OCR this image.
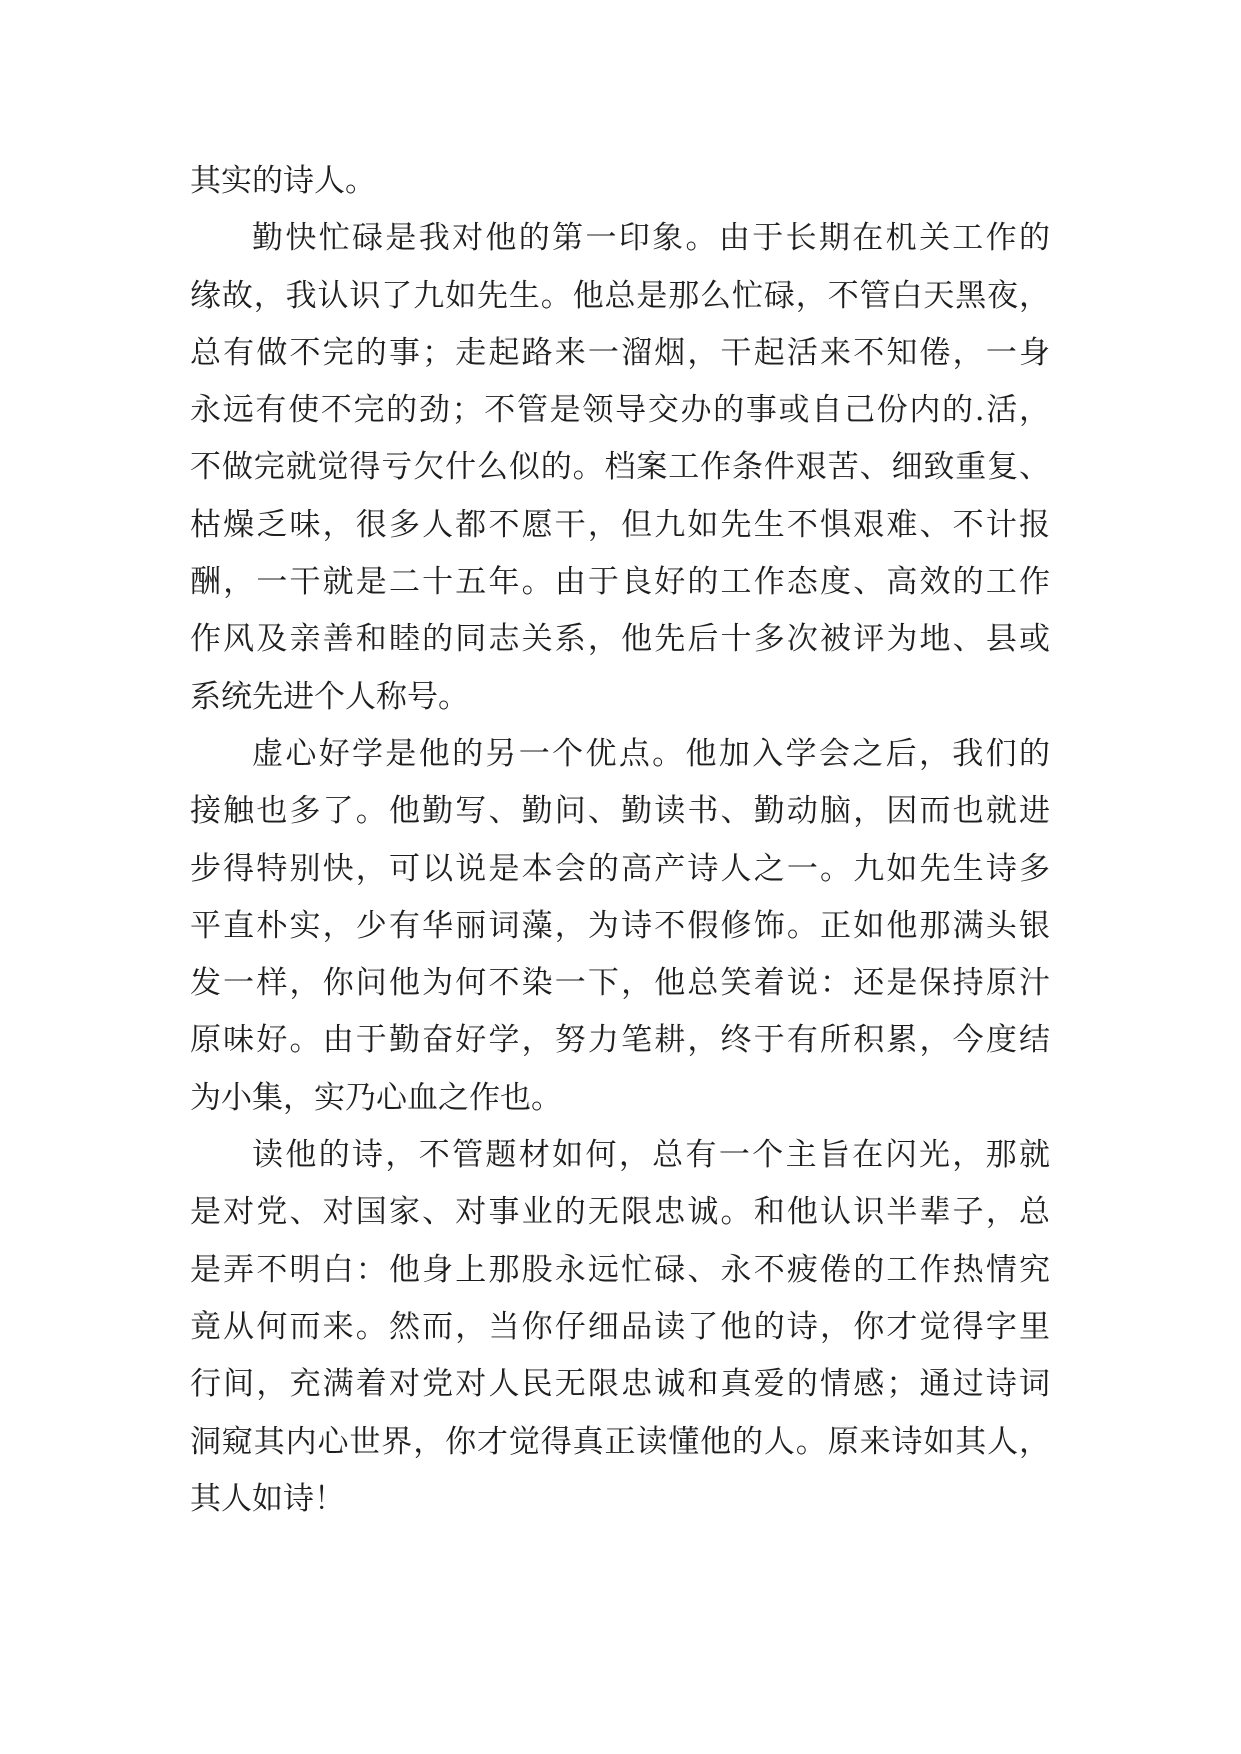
其实的诗人。
勤快忙碌是我对他的第一印象。由于长期在机关工作的
缘故，我认识了九如先生。他总是那么忙碌，不管白天黑夜，
总有做不完的事；走起路来一溜烟，干起活来不知倦，一身
永远有使不完的劲；不管是领导交办的事或自己份内的.活，
不做完就觉得亏欠什么似的。档案工作条件艰苦、细致重复、
枯燥乏味，很多人都不愿干，但九如先生不惧艰难、不计报
酬，一干就是二十五年。由于良好的工作态度、高效的工作
作风及亲善和睦的同志关系，他先后十多次被评为地、县或
系统先进个人称号。
虚心好学是他的另一个优点。他加入学会之后，我们的
接触也多了。他勤写、勤问、勤读书、勤动脑，因而也就进
步得特别快，可以说是本会的高产诗人之一。九如先生诗多
平直朴实，少有华丽词藻，为诗不假修饰。正如他那满头银
发一样，你问他为何不染一下，他总笑着说：还是保持原汁
原味好。由于勤奋好学，努力笔耕，终于有所积累，今度结
为小集，实乃心血之作也。
读他的诗，不管题材如何，总有一个主旨在闪光，那就
是对党、对国家、对事业的无限忠诚。和他认识半辈子，总
是弄不明白：他身上那股永远忙碌、永不疲倦的工作热情究
竟从何而来。然而，当你仔细品读了他的诗，你才觉得字里
行间，充满着对党对人民无限忠诚和真爱的情感；通过诗词
洞窥其内心世界，你才觉得真正读懂他的人。原来诗如其人，
其人如诗！
